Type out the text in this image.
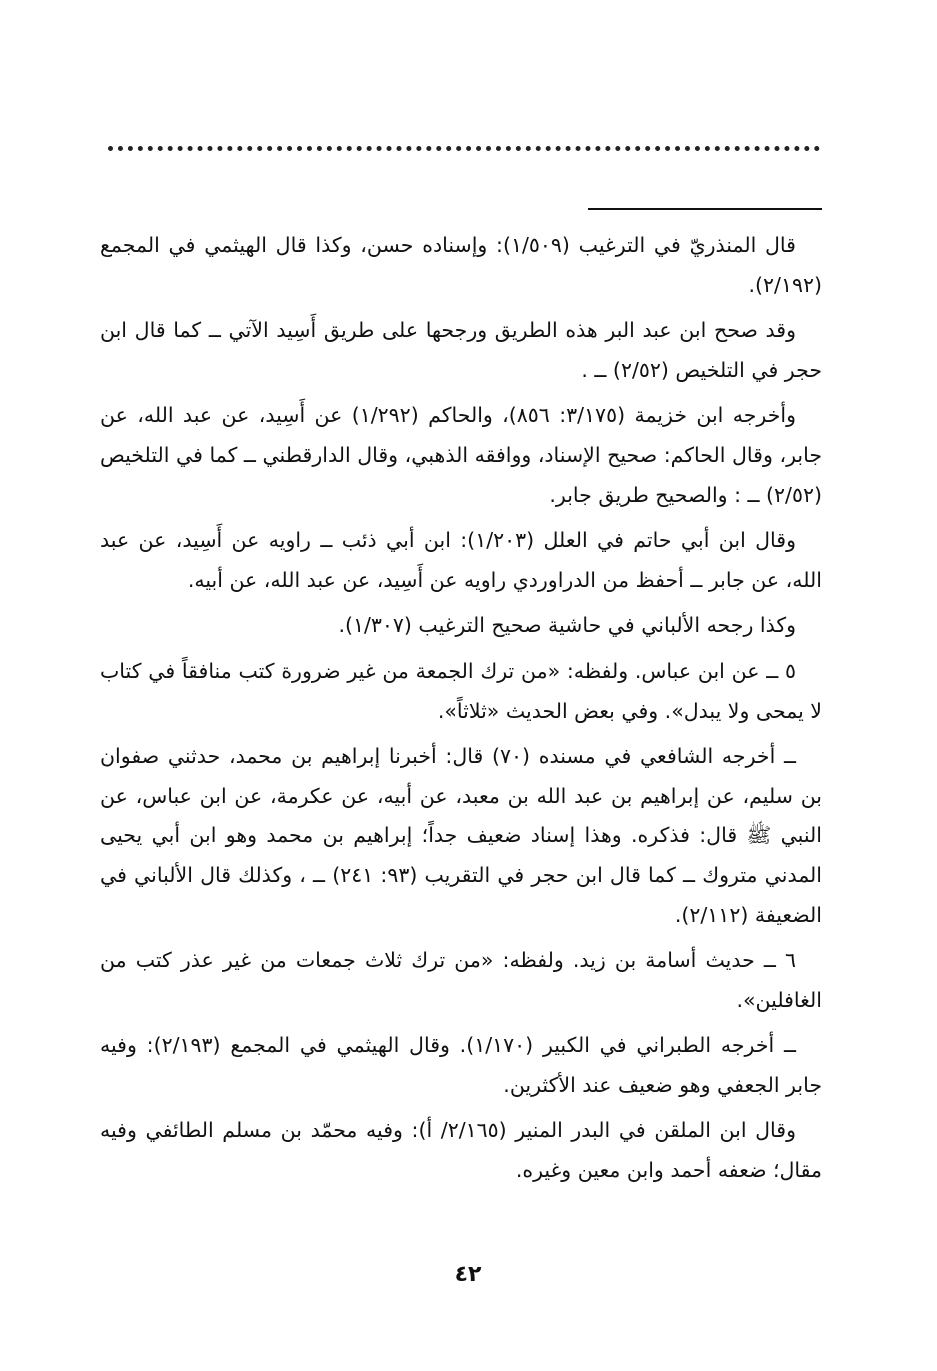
قال المنذريّ في الترغيب (١/٥٠٩): وإسناده حسن، وكذا قال الهيثمي في المجمع (٢/١٩٢).

وقد صحح ابن عبد البر هذه الطريق ورجحها على طريق أَسِيد الآتي ــ كما قال ابن حجر في التلخيص (٢/٥٢) ــ .

وأخرجه ابن خزيمة (٣/١٧٥: ٨٥٦)، والحاكم (١/٢٩٢) عن أَسِيد، عن عبد الله، عن جابر، وقال الحاكم: صحيح الإسناد، ووافقه الذهبي، وقال الدارقطني ــ كما في التلخيص (٢/٥٢) ــ : والصحيح طريق جابر.

وقال ابن أبي حاتم في العلل (١/٢٠٣): ابن أبي ذئب ــ راويه عن أَسِيد، عن عبد الله، عن جابر ــ أحفظ من الدراوردي راويه عن أَسِيد، عن عبد الله، عن أبيه.

وكذا رجحه الألباني في حاشية صحيح الترغيب (١/٣٠٧).

٥ ــ عن ابن عباس. ولفظه: «من ترك الجمعة من غير ضرورة كتب منافقاً في كتاب لا يمحى ولا يبدل». وفي بعض الحديث «ثلاثاً».

ــ أخرجه الشافعي في مسنده (٧٠) قال: أخبرنا إبراهيم بن محمد، حدثني صفوان بن سليم، عن إبراهيم بن عبد الله بن معبد، عن أبيه، عن عكرمة، عن ابن عباس، عن النبي ﷺ قال: فذكره. وهذا إسناد ضعيف جداً؛ إبراهيم بن محمد وهو ابن أبي يحيى المدني متروك ــ كما قال ابن حجر في التقريب (٩٣: ٢٤١) ــ ، وكذلك قال الألباني في الضعيفة (٢/١١٢).

٦ ــ حديث أسامة بن زيد. ولفظه: «من ترك ثلاث جمعات من غير عذر كتب من الغافلين».

ــ أخرجه الطبراني في الكبير (١/١٧٠). وقال الهيثمي في المجمع (٢/١٩٣): وفيه جابر الجعفي وهو ضعيف عند الأكثرين.

وقال ابن الملقن في البدر المنير (٢/١٦٥/ أ): وفيه محمّد بن مسلم الطائفي وفيه مقال؛ ضعفه أحمد وابن معين وغيره.

٤٢
